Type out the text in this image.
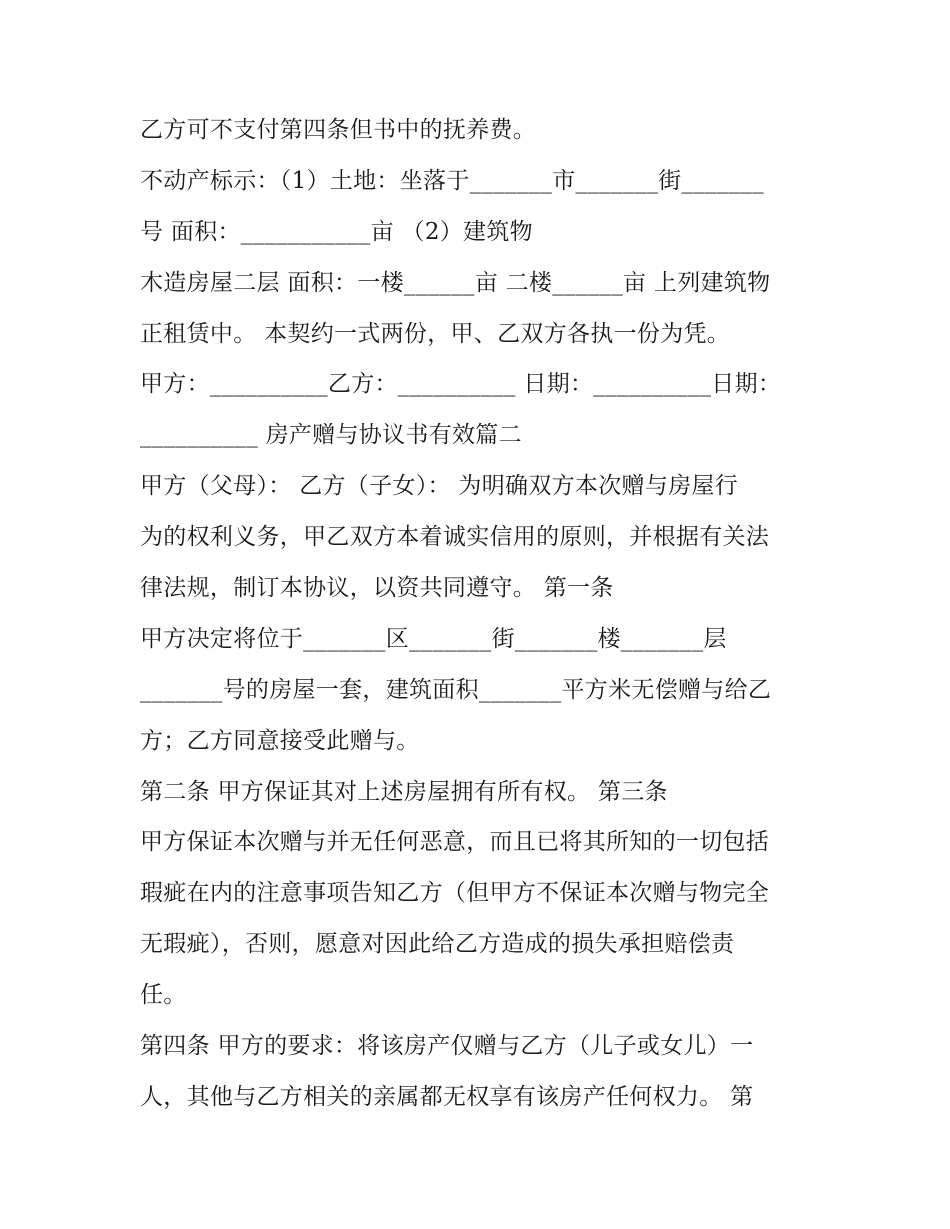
乙方可不支付第四条但书中的抚养费。
不动产标示：（1）土地：坐落于_______市_______街_______
号 面积：___________亩 （2）建筑物
木造房屋二层 面积：一楼______亩 二楼______亩 上列建筑物
正租赁中。 本契约一式两份，甲、乙双方各执一份为凭。
甲方：__________乙方：__________ 日期：__________日期：
__________ 房产赠与协议书有效篇二
甲方（父母）： 乙方（子女）： 为明确双方本次赠与房屋行
为的权利义务，甲乙双方本着诚实信用的原则，并根据有关法
律法规，制订本协议，以资共同遵守。 第一条
甲方决定将位于_______区_______街_______楼_______层
_______号的房屋一套，建筑面积_______平方米无偿赠与给乙
方；乙方同意接受此赠与。
第二条 甲方保证其对上述房屋拥有所有权。 第三条
甲方保证本次赠与并无任何恶意，而且已将其所知的一切包括
瑕疵在内的注意事项告知乙方（但甲方不保证本次赠与物完全
无瑕疵），否则，愿意对因此给乙方造成的损失承担赔偿责
任。
第四条 甲方的要求：将该房产仅赠与乙方（儿子或女儿）一
人，其他与乙方相关的亲属都无权享有该房产任何权力。 第
